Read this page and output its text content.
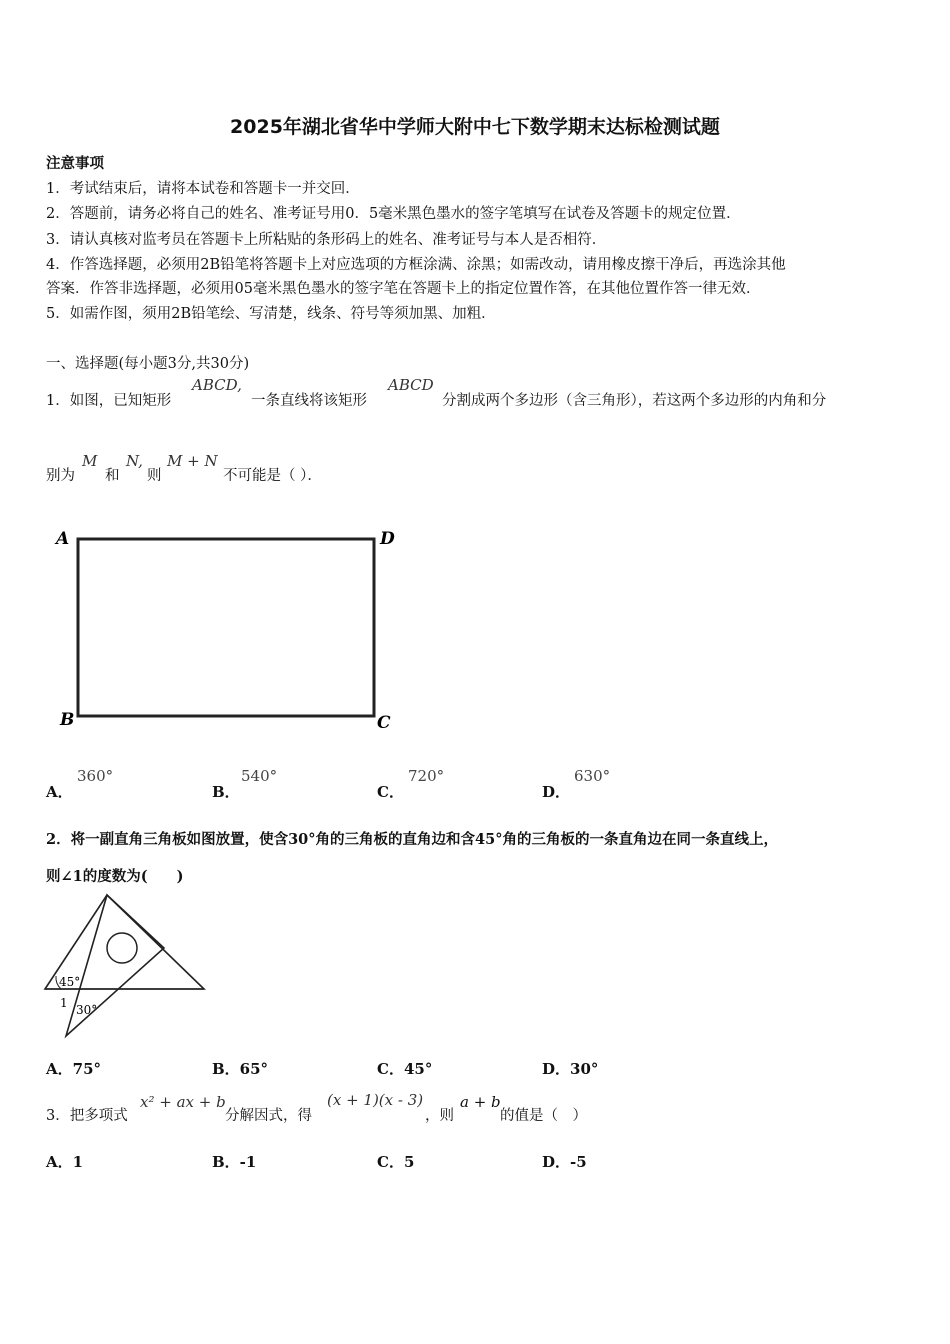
2025年湖北省华中学师大附中七下数学期末达标检测试题
注意事项
1．考试结束后，请将本试卷和答题卡一并交回．
2．答题前，请务必将自己的姓名、准考证号用0．5毫米黑色墨水的签字笔填写在试卷及答题卡的规定位置．
3．请认真核对监考员在答题卡上所粘贴的条形码上的姓名、准考证号与本人是否相符．
4．作答选择题，必须用2B铅笔将答题卡上对应选项的方框涂满、涂黑；如需改动，请用橡皮擦干净后，再选涂其他
答案．作答非选择题，必须用05毫米黑色墨水的签字笔在答题卡上的指定位置作答，在其他位置作答一律无效．
5．如需作图，须用2B铅笔绘、写清楚，线条、符号等须加黑、加粗．
一、选择题(每小题3分,共30分)
1．如图，已知矩形
ABCD,
一条直线将该矩形
ABCD
分割成两个多边形（含三角形），若这两个多边形的内角和分
别为
M
和
N,
则
M + N
不可能是（ ）．
A	D
B	C
A．
360°
B．
540°
C．
720°
D．
630°
2．将一副直角三角板如图放置，使含30°角的三角板的直角边和含45°角的三角板的一条直角边在同一条直线上，
则∠1的度数为(　　)
45°
1 30°
A．75°	B．65°	C．45°	D．30°
3．把多项式
x² + ax + b
分解因式，得
(x + 1)(x - 3)
，则
a + b
的值是（　）
A．1	B．-1	C．5	D．-5
